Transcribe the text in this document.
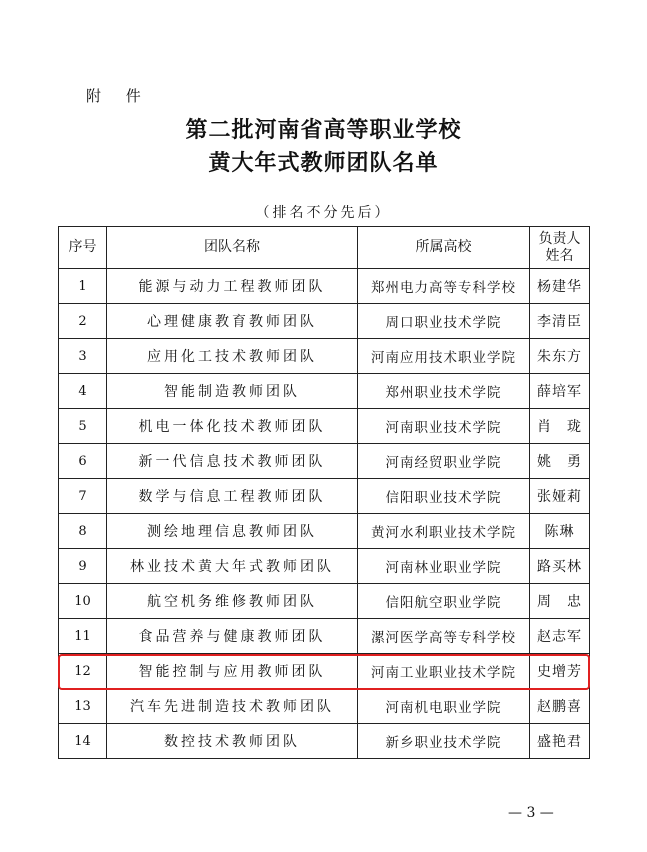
附 件
第二批河南省高等职业学校
黄大年式教师团队名单
（排名不分先后）
序号	团队名称	所属高校	负责人
姓名
1	能源与动力工程教师团队	郑州电力高等专科学校	杨建华
2	心理健康教育教师团队	周口职业技术学院	李清臣
3	应用化工技术教师团队	河南应用技术职业学院	朱东方
4	智能制造教师团队	郑州职业技术学院	薛培军
5	机电一体化技术教师团队	河南职业技术学院	肖　珑
6	新一代信息技术教师团队	河南经贸职业学院	姚　勇
7	数学与信息工程教师团队	信阳职业技术学院	张娅莉
8	测绘地理信息教师团队	黄河水利职业技术学院	陈琳
9	林业技术黄大年式教师团队	河南林业职业学院	路买林
10	航空机务维修教师团队	信阳航空职业学院	周　忠
11	食品营养与健康教师团队	漯河医学高等专科学校	赵志军
12	智能控制与应用教师团队	河南工业职业技术学院	史增芳
13	汽车先进制造技术教师团队	河南机电职业学院	赵鹏喜
14	数控技术教师团队	新乡职业技术学院	盛艳君
— 3 —
